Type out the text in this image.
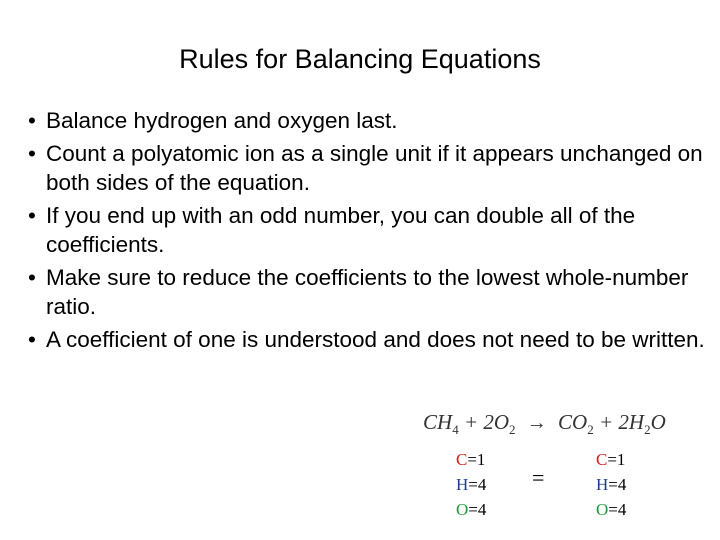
Rules for Balancing Equations
• Balance hydrogen and oxygen last.
• Count a polyatomic ion as a single unit if it appears unchanged on both sides of the equation.
• If you end up with an odd number, you can double all of the coefficients.
• Make sure to reduce the coefficients to the lowest whole-number ratio.
• A coefficient of one is understood and does not need to be written.
$CH_4 + 2O_2 \to CO_2 + 2H_2O$
C=1
H=4
O=4
=
C=1
H=4
O=4
